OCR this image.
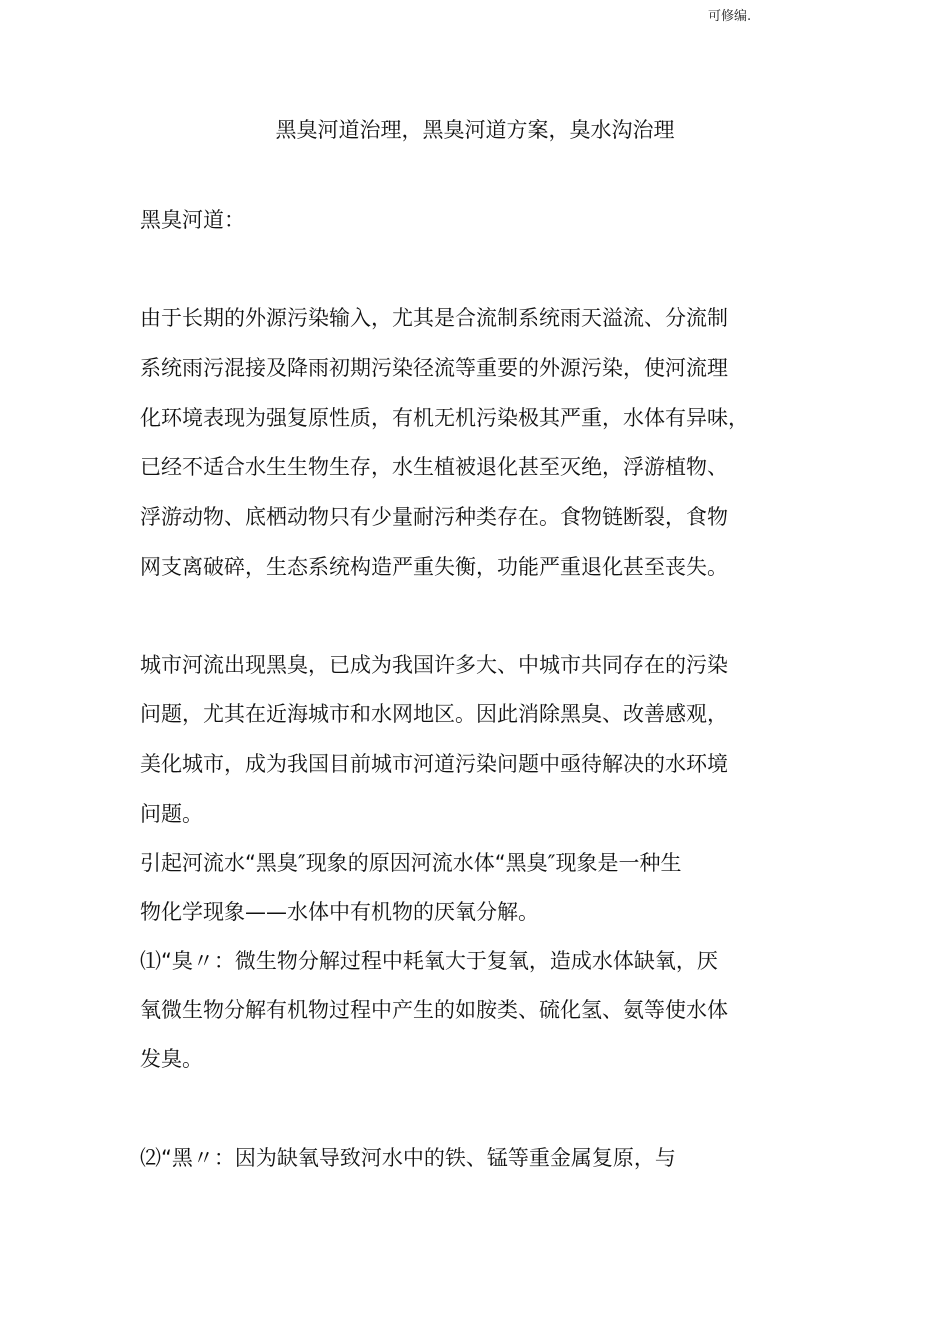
可修编.
黑臭河道治理，黑臭河道方案，臭水沟治理
黑臭河道：
由于长期的外源污染输入，尤其是合流制系统雨天溢流、分流制
系统雨污混接及降雨初期污染径流等重要的外源污染，使河流理
化环境表现为强复原性质，有机无机污染极其严重，水体有异味，
已经不适合水生生物生存，水生植被退化甚至灭绝，浮游植物、
浮游动物、底栖动物只有少量耐污种类存在。食物链断裂，食物
网支离破碎，生态系统构造严重失衡，功能严重退化甚至丧失。
城市河流出现黑臭，已成为我国许多大、中城市共同存在的污染
问题，尤其在近海城市和水网地区。因此消除黑臭、改善感观，
美化城市，成为我国目前城市河道污染问题中亟待解决的水环境
问题。
引起河流水“黑臭″现象的原因河流水体“黑臭″现象是一种生
物化学现象——水体中有机物的厌氧分解。
⑴“臭〃：微生物分解过程中耗氧大于复氧，造成水体缺氧，厌
氧微生物分解有机物过程中产生的如胺类、硫化氢、氨等使水体
发臭。
⑵“黑〃：因为缺氧导致河水中的铁、锰等重金属复原，与
